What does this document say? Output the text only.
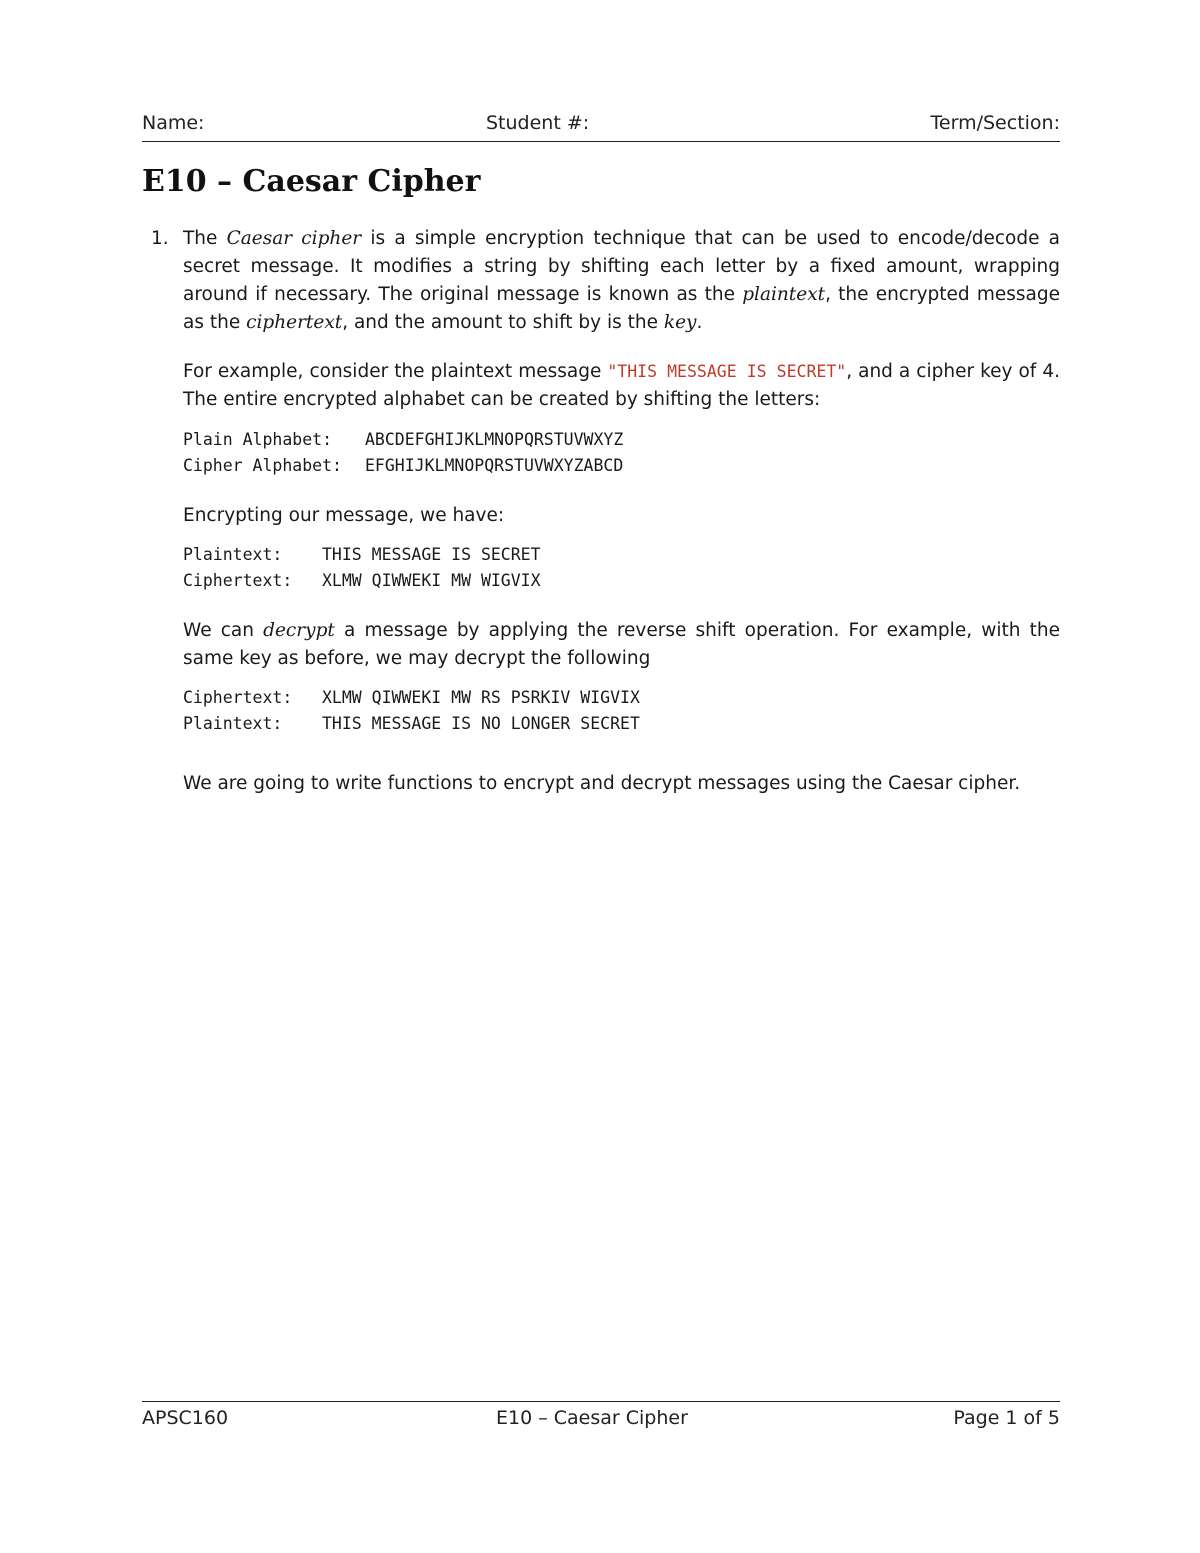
Name:	Student #:	Term/Section:
E10 – Caesar Cipher
1. The Caesar cipher is a simple encryption technique that can be used to encode/decode a secret message. It modifies a string by shifting each letter by a fixed amount, wrapping around if necessary. The original message is known as the plaintext, the encrypted message as the ciphertext, and the amount to shift by is the key.

For example, consider the plaintext message "THIS MESSAGE IS SECRET", and a cipher key of 4. The entire encrypted alphabet can be created by shifting the letters:

Plain Alphabet:	ABCDEFGHIJKLMNOPQRSTUVWXYZ
Cipher Alphabet:	EFGHIJKLMNOPQRSTUVWXYZABCD

Encrypting our message, we have:

Plaintext:	THIS MESSAGE IS SECRET
Ciphertext:	XLMW QIWWEKI MW WIGVIX

We can decrypt a message by applying the reverse shift operation. For example, with the same key as before, we may decrypt the following

Ciphertext:	XLMW QIWWEKI MW RS PSRKIV WIGVIX
Plaintext:	THIS MESSAGE IS NO LONGER SECRET

We are going to write functions to encrypt and decrypt messages using the Caesar cipher.

APSC160	E10 – Caesar Cipher	Page 1 of 5
